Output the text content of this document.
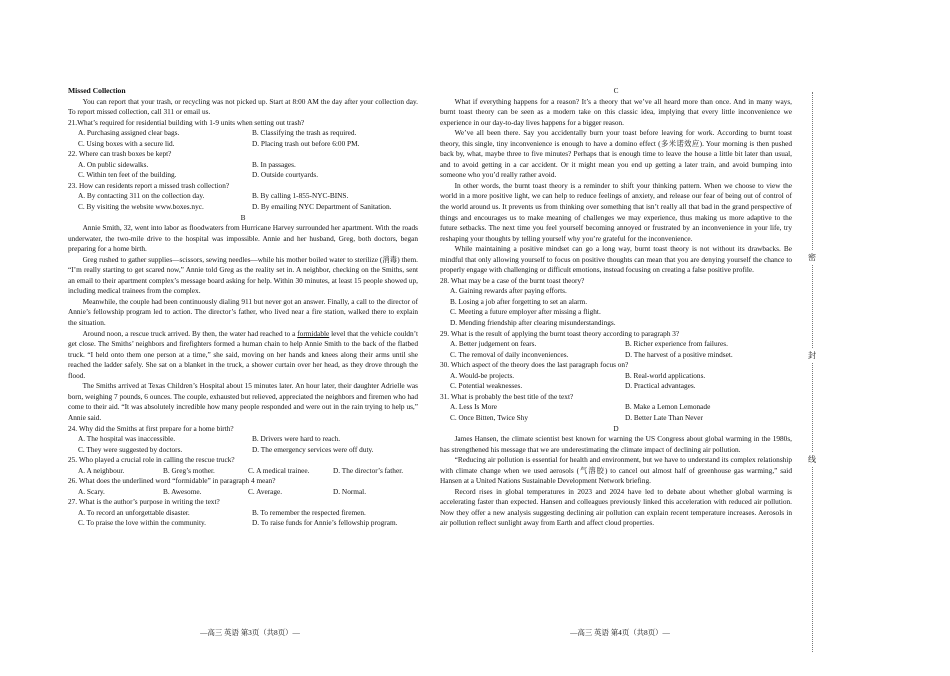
Missed Collection

You can report that your trash, or recycling was not picked up. Start at 8:00 AM the day after your collection day. To report missed collection, call 311 or email us.

21.What’s required for residential building with 1-9 units when setting out trash?

A. Purchasing assigned clear bags.	B. Classifying the trash as required.
C. Using boxes with a secure lid.	D. Placing trash out before 6:00 PM.

22. Where can trash boxes be kept?

A. On public sidewalks.	B. In passages.
C. Within ten feet of the building.	D. Outside courtyards.

23. How can residents report a missed trash collection?

A. By contacting 311 on the collection day.	B. By calling 1-855-NYC-BINS.
C. By visiting the website www.boxes.nyc.	D. By emailing NYC Department of Sanitation.

B

Annie Smith, 32, went into labor as floodwaters from Hurricane Harvey surrounded her apartment. With the roads underwater, the two-mile drive to the hospital was impossible. Annie and her husband, Greg, both doctors, began preparing for a home birth.

Greg rushed to gather supplies—scissors, sewing needles—while his mother boiled water to sterilize (消毒) them. “I’m really starting to get scared now,” Annie told Greg as the reality set in. A neighbor, checking on the Smiths, sent an email to their apartment complex’s message board asking for help. Within 30 minutes, at least 15 people showed up, including medical trainees from the complex.

Meanwhile, the couple had been continuously dialing 911 but never got an answer. Finally, a call to the director of Annie’s fellowship program led to action. The director’s father, who lived near a fire station, walked there to explain the situation.

Around noon, a rescue truck arrived. By then, the water had reached to a formidable level that the vehicle couldn’t get close. The Smiths’ neighbors and firefighters formed a human chain to help Annie Smith to the back of the flatbed truck. “I held onto them one person at a time,” she said, moving on her hands and knees along their arms until she reached the ladder safely. She sat on a blanket in the truck, a shower curtain over her head, as they drove through the flood.

The Smiths arrived at Texas Children’s Hospital about 15 minutes later. An hour later, their daughter Adrielle was born, weighing 7 pounds, 6 ounces. The couple, exhausted but relieved, appreciated the neighbors and firemen who had come to their aid. “It was absolutely incredible how many people responded and were out in the rain trying to help us,” Annie said.

24. Why did the Smiths at first prepare for a home birth?

A. The hospital was inaccessible.	B. Drivers were hard to reach.
C. They were suggested by doctors.	D. The emergency services were off duty.

25. Who played a crucial role in calling the rescue truck?

A. A neighbour.	B. Greg’s mother.	C. A medical trainee.	D. The director’s father.

26. What does the underlined word “formidable” in paragraph 4 mean?

A. Scary.	B. Awesome.	C. Average.	D. Normal.

27. What is the author’s purpose in writing the text?

A. To record an unforgettable disaster.	B. To remember the respected firemen.
C. To praise the love within the community.	D. To raise funds for Annie’s fellowship program.

C

What if everything happens for a reason? It’s a theory that we’ve all heard more than once. And in many ways, burnt toast theory can be seen as a modern take on this classic idea, implying that every little inconvenience we experience in our day-to-day lives happens for a bigger reason.

We’ve all been there. Say you accidentally burn your toast before leaving for work. According to burnt toast theory, this single, tiny inconvenience is enough to have a domino effect (多米诺效应). Your morning is then pushed back by, what, maybe three to five minutes? Perhaps that is enough time to leave the house a little bit later than usual, and to avoid getting in a car accident. Or it might mean you end up getting a later train, and avoid bumping into someone who you’d really rather avoid.

In other words, the burnt toast theory is a reminder to shift your thinking pattern. When we choose to view the world in a more positive light, we can help to reduce feelings of anxiety, and release our fear of being out of control of the world around us. It prevents us from thinking over something that isn’t really all that bad in the grand perspective of things and encourages us to make meaning of challenges we may experience, thus making us more adaptive to the future setbacks. The next time you feel yourself becoming annoyed or frustrated by an inconvenience in your life, try reshaping your thoughts by telling yourself why you’re grateful for the inconvenience.

While maintaining a positive mindset can go a long way, burnt toast theory is not without its drawbacks. Be mindful that only allowing yourself to focus on positive thoughts can mean that you are denying yourself the chance to properly engage with challenging or difficult emotions, instead focusing on creating a false positive profile.

28. What may be a case of the burnt toast theory?

A. Gaining rewards after paying efforts.

B. Losing a job after forgetting to set an alarm.

C. Meeting a future employer after missing a flight.

D. Mending friendship after clearing misunderstandings.

29. What is the result of applying the burnt toast theory according to paragraph 3?

A. Better judgement on fears.	B. Richer experience from failures.
C. The removal of daily inconveniences.	D. The harvest of a positive mindset.

30. Which aspect of the theory does the last paragraph focus on?

A. Would-be projects.	B. Real-world applications.
C. Potential weaknesses.	D. Practical advantages.

31. What is probably the best title of the text?

A. Less Is More	B. Make a Lemon Lemonade
C. Once Bitten, Twice Shy	D. Better Late Than Never

D

James Hansen, the climate scientist best known for warning the US Congress about global warming in the 1980s, has strengthened his message that we are underestimating the climate impact of declining air pollution.

“Reducing air pollution is essential for health and environment, but we have to understand its complex relationship with climate change when we used aerosols (气溶胶) to cancel out almost half of greenhouse gas warming,” said Hansen at a United Nations Sustainable Development Network briefing.

Record rises in global temperatures in 2023 and 2024 have led to debate about whether global warming is accelerating faster than expected. Hansen and colleagues previously linked this acceleration with reduced air pollution. Now they offer a new analysis suggesting declining air pollution can explain recent temperature increases. Aerosols in air pollution reflect sunlight away from Earth and affect cloud properties.

—高三 英语 第3页（共8页）—	—高三 英语 第4页（共8页）—
密
封
线
